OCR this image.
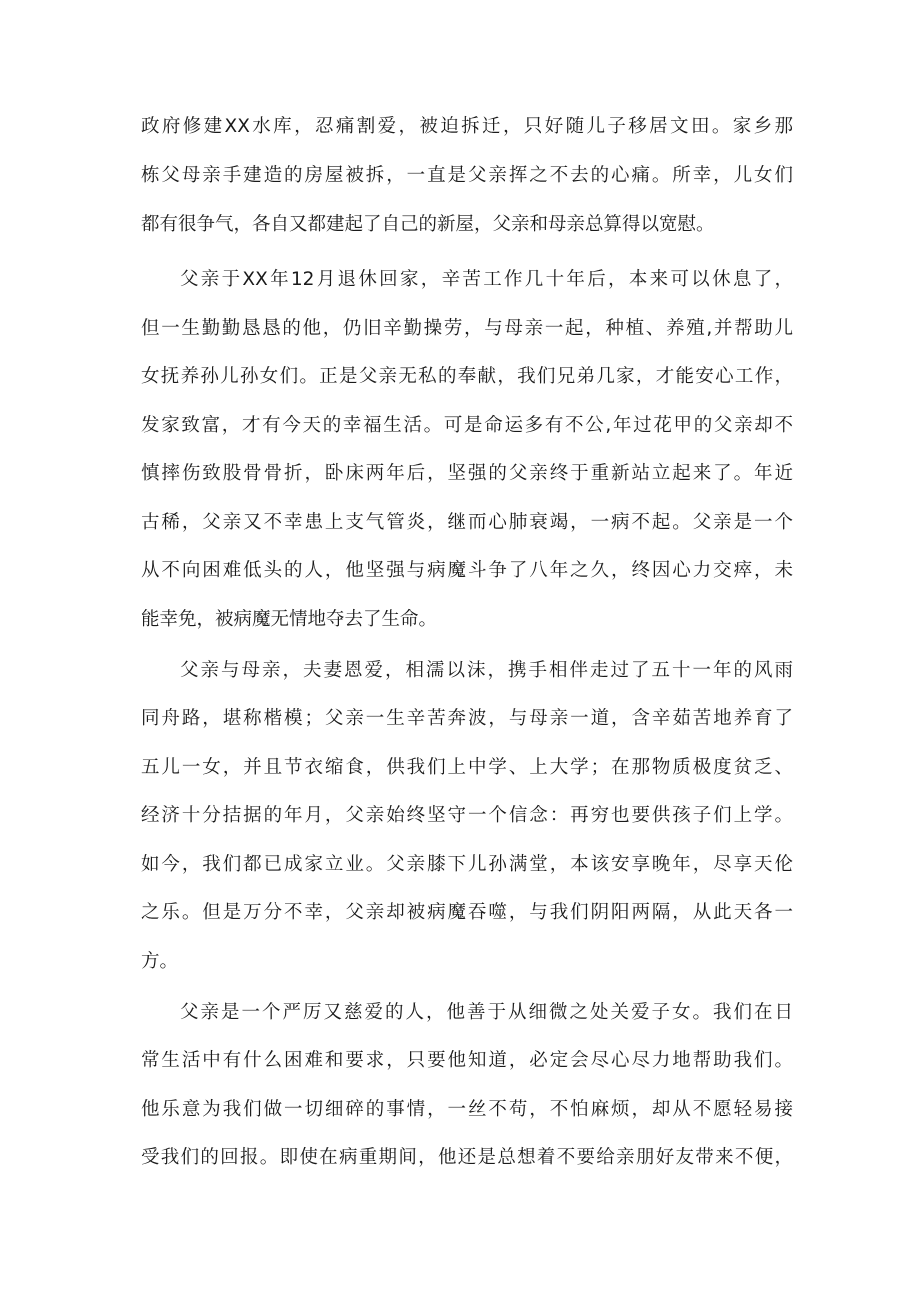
政府修建XX水库，忍痛割爱，被迫拆迁，只好随儿子移居文田。家乡那
栋父母亲手建造的房屋被拆，一直是父亲挥之不去的心痛。所幸，儿女们
都有很争气，各自又都建起了自己的新屋，父亲和母亲总算得以宽慰。
父亲于XX年12月退休回家，辛苦工作几十年后，本来可以休息了，
但一生勤勤恳恳的他，仍旧辛勤操劳，与母亲一起，种植、养殖,并帮助儿
女抚养孙儿孙女们。正是父亲无私的奉献，我们兄弟几家，才能安心工作，
发家致富，才有今天的幸福生活。可是命运多有不公,年过花甲的父亲却不
慎摔伤致股骨骨折，卧床两年后，坚强的父亲终于重新站立起来了。年近
古稀，父亲又不幸患上支气管炎，继而心肺衰竭，一病不起。父亲是一个
从不向困难低头的人，他坚强与病魔斗争了八年之久，终因心力交瘁，未
能幸免，被病魔无情地夺去了生命。
父亲与母亲，夫妻恩爱，相濡以沫，携手相伴走过了五十一年的风雨
同舟路，堪称楷模；父亲一生辛苦奔波，与母亲一道，含辛茹苦地养育了
五儿一女，并且节衣缩食，供我们上中学、上大学；在那物质极度贫乏、
经济十分拮据的年月，父亲始终坚守一个信念：再穷也要供孩子们上学。
如今，我们都已成家立业。父亲膝下儿孙满堂，本该安享晚年，尽享天伦
之乐。但是万分不幸，父亲却被病魔吞噬，与我们阴阳两隔，从此天各一
方。
父亲是一个严厉又慈爱的人，他善于从细微之处关爱子女。我们在日
常生活中有什么困难和要求，只要他知道，必定会尽心尽力地帮助我们。
他乐意为我们做一切细碎的事情，一丝不苟，不怕麻烦，却从不愿轻易接
受我们的回报。即使在病重期间，他还是总想着不要给亲朋好友带来不便，
